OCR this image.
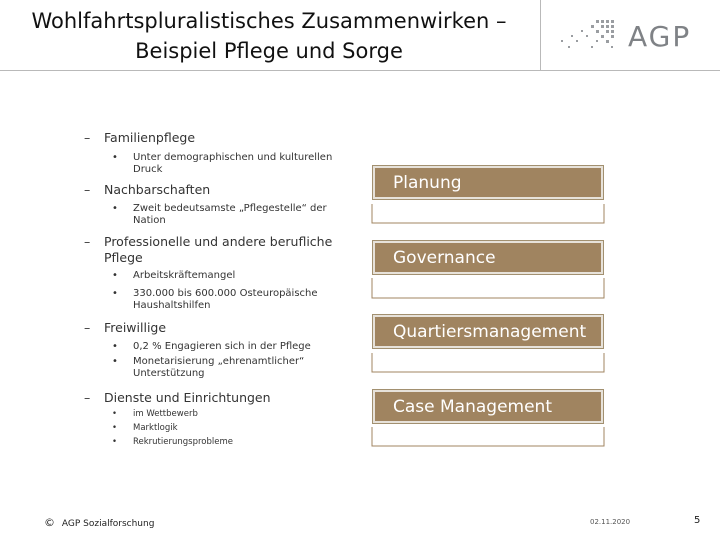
Wohlfahrtspluralistisches Zusammenwirken –
Beispiel Pflege und Sorge	AGP
– Familienpflege
• Unter demographischen und kulturellen
Druck
– Nachbarschaften
• Zweit bedeutsamste „Pflegestelle“ der
Nation
– Professionelle und andere berufliche
Pflege
• Arbeitskräftemangel
• 330.000 bis 600.000 Osteuropäische
Haushaltshilfen
– Freiwillige
• 0,2 % Engagieren sich in der Pflege
• Monetarisierung „ehrenamtlicher“
Unterstützung
– Dienste und Einrichtungen
• im Wettbewerb
• Marktlogik
• Rekrutierungsprobleme
Planung
Governance
Quartiersmanagement
Case Management
© AGP Sozialforschung	02.11.2020	5
